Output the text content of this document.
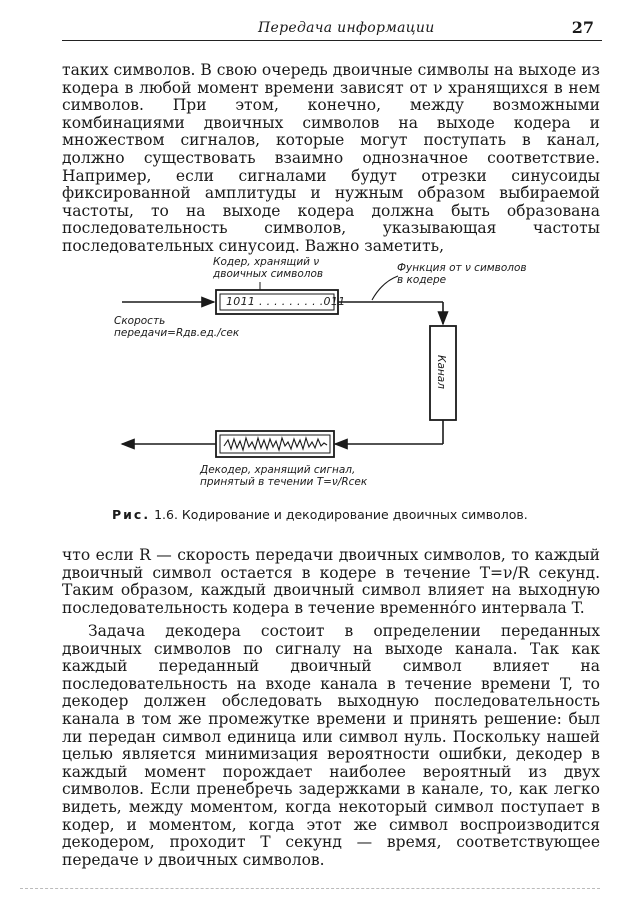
Передача информации	27

таких символов. В свою очередь двоичные символы на выходе из кодера в любой момент времени зависят от ν хранящихся в нем символов. При этом, конечно, между возможными комбинациями двоичных символов на выходе кодера и множеством сигналов, которые могут поступать в канал, должно существовать взаимно однозначное соответствие. Например, если сигналами будут отрезки синусоиды фиксированной амплитуды и нужным образом выбираемой частоты, то на выходе кодера должна быть образована последовательность символов, указывающая частоты последовательных синусоид. Важно заметить,

Кодер, хранящий ν
двоичных символов	Функция от ν символов
в кодере
1011 . . . . . . . . .011
Скорость
передачи=Rдв.ед./сек
Канал
Декодер, хранящий сигнал,
принятый в течении T=ν/Rсек
Рис. 1.6. Кодирование и декодирование двоичных символов.

что если R — скорость передачи двоичных символов, то каждый двоичный символ остается в кодере в течение T=ν/R секунд. Таким образом, каждый двоичный символ влияет на выходную последовательность кодера в течение временнóго интервала T.

Задача декодера состоит в определении переданных двоичных символов по сигналу на выходе канала. Так как каждый переданный двоичный символ влияет на последовательность на входе канала в течение времени T, то декодер должен обследовать выходную последовательность канала в том же промежутке времени и принять решение: был ли передан символ единица или символ нуль. Поскольку нашей целью является минимизация вероятности ошибки, декодер в каждый момент порождает наиболее вероятный из двух символов. Если пренебречь задержками в канале, то, как легко видеть, между моментом, когда некоторый символ поступает в кодер, и моментом, когда этот же символ воспроизводится декодером, проходит T секунд — время, соответствующее передаче ν двоичных символов.
